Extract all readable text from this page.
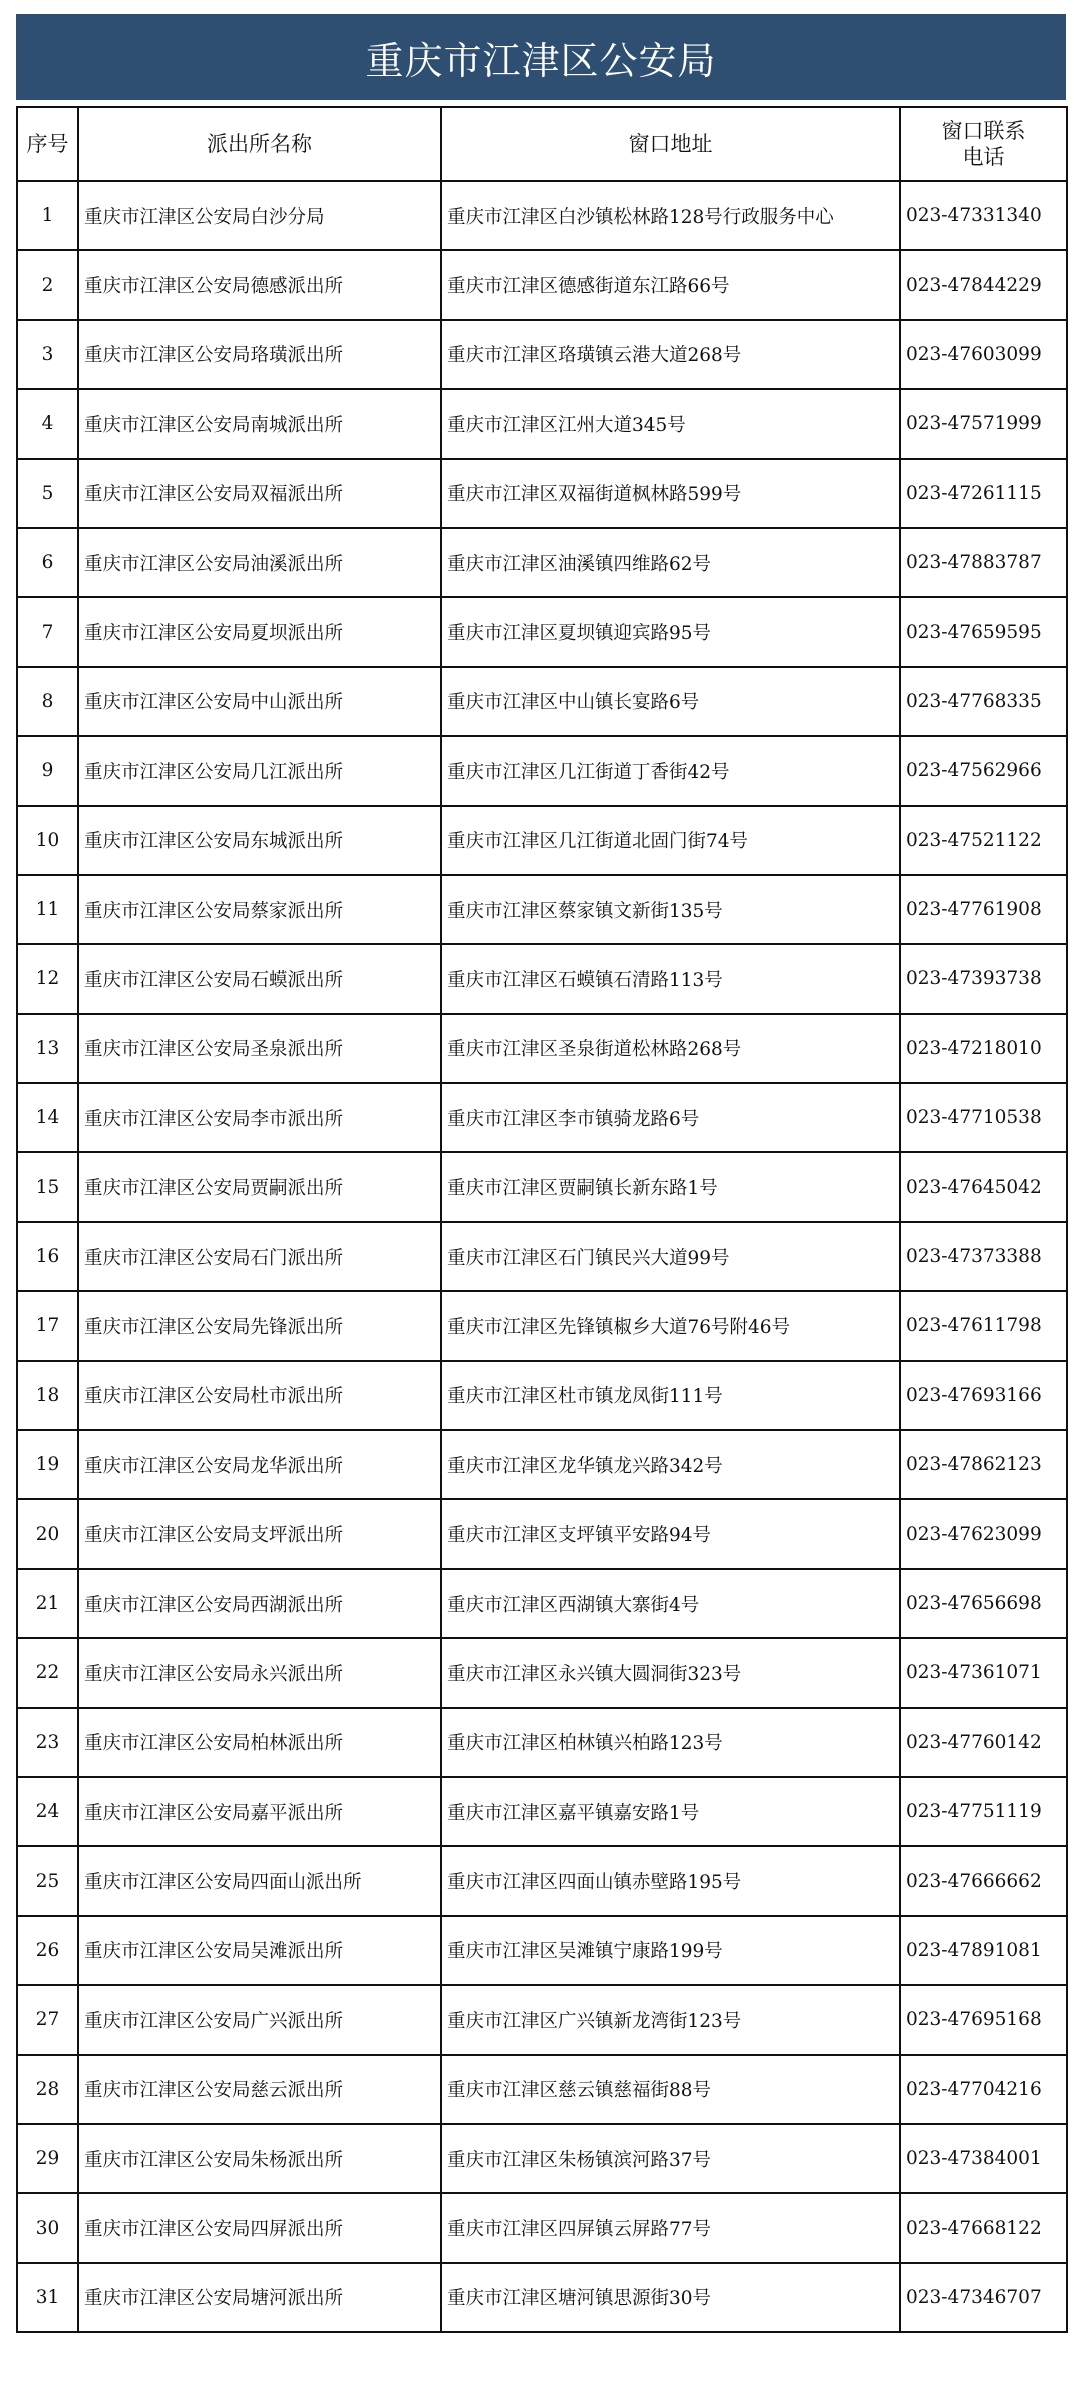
重庆市江津区公安局
序号	派出所名称	窗口地址	窗口联系
电话
1	重庆市江津区公安局白沙分局	重庆市江津区白沙镇松林路128号行政服务中心	023-47331340
2	重庆市江津区公安局德感派出所	重庆市江津区德感街道东江路66号	023-47844229
3	重庆市江津区公安局珞璜派出所	重庆市江津区珞璜镇云港大道268号	023-47603099
4	重庆市江津区公安局南城派出所	重庆市江津区江州大道345号	023-47571999
5	重庆市江津区公安局双福派出所	重庆市江津区双福街道枫林路599号	023-47261115
6	重庆市江津区公安局油溪派出所	重庆市江津区油溪镇四维路62号	023-47883787
7	重庆市江津区公安局夏坝派出所	重庆市江津区夏坝镇迎宾路95号	023-47659595
8	重庆市江津区公安局中山派出所	重庆市江津区中山镇长宴路6号	023-47768335
9	重庆市江津区公安局几江派出所	重庆市江津区几江街道丁香街42号	023-47562966
10	重庆市江津区公安局东城派出所	重庆市江津区几江街道北固门街74号	023-47521122
11	重庆市江津区公安局蔡家派出所	重庆市江津区蔡家镇文新街135号	023-47761908
12	重庆市江津区公安局石蟆派出所	重庆市江津区石蟆镇石清路113号	023-47393738
13	重庆市江津区公安局圣泉派出所	重庆市江津区圣泉街道松林路268号	023-47218010
14	重庆市江津区公安局李市派出所	重庆市江津区李市镇骑龙路6号	023-47710538
15	重庆市江津区公安局贾嗣派出所	重庆市江津区贾嗣镇长新东路1号	023-47645042
16	重庆市江津区公安局石门派出所	重庆市江津区石门镇民兴大道99号	023-47373388
17	重庆市江津区公安局先锋派出所	重庆市江津区先锋镇椒乡大道76号附46号	023-47611798
18	重庆市江津区公安局杜市派出所	重庆市江津区杜市镇龙凤街111号	023-47693166
19	重庆市江津区公安局龙华派出所	重庆市江津区龙华镇龙兴路342号	023-47862123
20	重庆市江津区公安局支坪派出所	重庆市江津区支坪镇平安路94号	023-47623099
21	重庆市江津区公安局西湖派出所	重庆市江津区西湖镇大寨街4号	023-47656698
22	重庆市江津区公安局永兴派出所	重庆市江津区永兴镇大圆洞街323号	023-47361071
23	重庆市江津区公安局柏林派出所	重庆市江津区柏林镇兴柏路123号	023-47760142
24	重庆市江津区公安局嘉平派出所	重庆市江津区嘉平镇嘉安路1号	023-47751119
25	重庆市江津区公安局四面山派出所	重庆市江津区四面山镇赤壁路195号	023-47666662
26	重庆市江津区公安局吴滩派出所	重庆市江津区吴滩镇宁康路199号	023-47891081
27	重庆市江津区公安局广兴派出所	重庆市江津区广兴镇新龙湾街123号	023-47695168
28	重庆市江津区公安局慈云派出所	重庆市江津区慈云镇慈福街88号	023-47704216
29	重庆市江津区公安局朱杨派出所	重庆市江津区朱杨镇滨河路37号	023-47384001
30	重庆市江津区公安局四屏派出所	重庆市江津区四屏镇云屏路77号	023-47668122
31	重庆市江津区公安局塘河派出所	重庆市江津区塘河镇思源街30号	023-47346707
